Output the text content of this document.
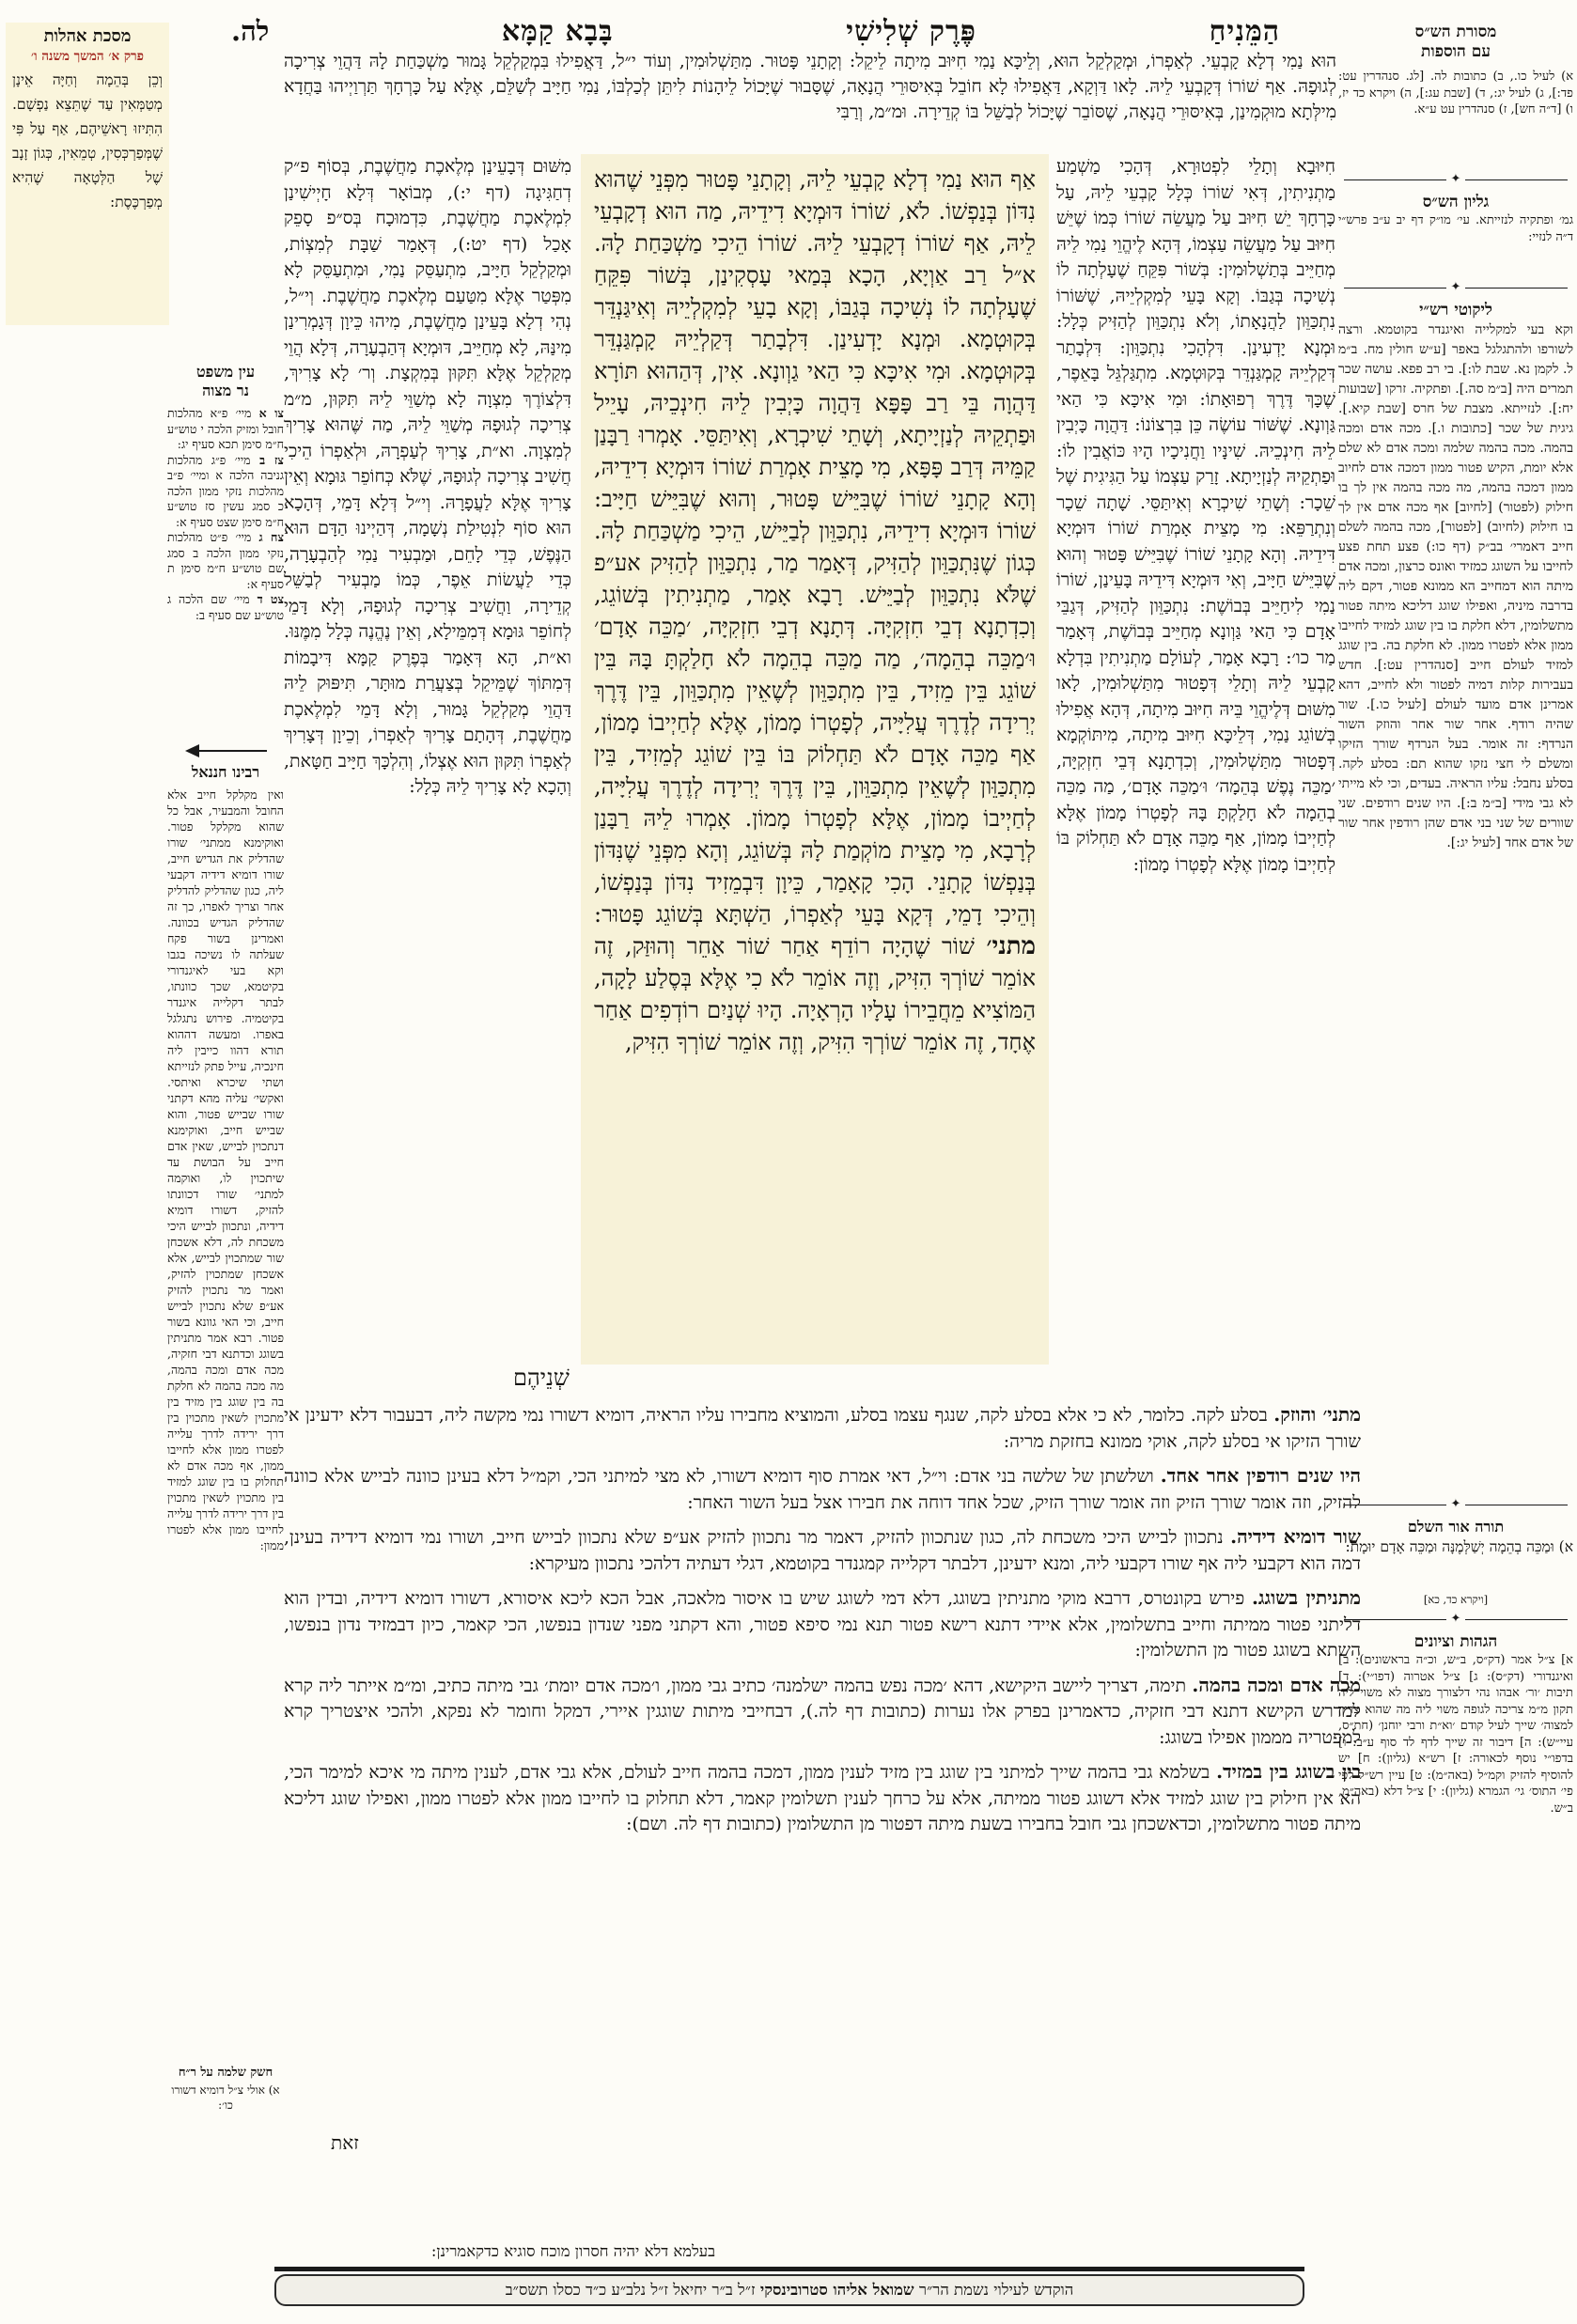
מסכת אהלות
פרק א׳ המשך משנה ו׳
וְכֵן בְּהֵמָה וְחַיָּה אֵינָן מְטַמְּאִין עַד שֶׁתֵּצֵא נַפְשָׁם. הִתִּיזוּ רָאשֵׁיהֶם, אַף עַל פִּי שֶׁמְּפַרְכְּסִין, טְמֵאִין, כְּגוֹן זָנָב שֶׁל הַלְּטָאָה שֶׁהִיא מְפַרְכֶּסֶת:
הַמֵּנִיחַ
פֶּרֶק שְׁלִישִׁי
בָּבָא קַמָּא
לה.
הוּא נַמִי דְלָא קָבְעֵי. לְאַפְרוֹ, וּמְקַלְקֵל הוּא, וְלֵיכָּא נַמִי חִיּוּב מִיתָה לֵיקֵל: וְקָתָנֵי פָּטוּר. מִתַּשְׁלוּמִין, וְעוֹד י״ל, דַּאֲפִילוּ בִּמְקַלְקֵל גָּמוּר מַשְׁכַּחַת לָהּ דַּהֲוֵי צְרִיכָה לְגוּפָהּ. אַף שׁוֹרוֹ דְּקָבְעֵי לֵיהּ. לָאו דַּוְקָא, דַּאֲפִילוּ לָא חוֹבֵל בְּאִיסּוּרֵי הֲנָאָה, שֶׁסָּבוּר שֶׁיָּכוֹל לֵיהָנוֹת לִיתֵּן לְכַלְבּוֹ, נַמִי חַיָּיב לְשַׁלֵּם, אֶלָּא עַל כָּרְחָךְ תַּרְוַיְיהוּ בַּחֲדָא מִילְּתָא מוּקְמִינַן, בְּאִיסּוּרֵי הֲנָאָה, שֶׁסּוֹבֵר שֶׁיָּכוֹל לְבַשֵּׁל בּוֹ קְדֵירָה. וּמ״מ, וְרַבִּי
מִשּׁוּם דְּבָעֵינַן מְלֶאכֶת מַחֲשֶׁבֶת, בְּסוֹף פ״ק דְחַגִּיגָה (דף י:), מְבוֹאָר דְּלָא חָיְישִׁינַן לִמְלֶאכֶת מַחֲשֶׁבֶת, כִּדְמוּכָח בְּס״פ סָפֵק אָכַל (דף יט:), דְּאָמַר שַׁבָּת לְמִצְוֹת, וּמְקַלְקֵל חַיָּיב, מִתְעַסֵּק נַמִי, וּמִתְעַסֵּק לָא מִפְּטַר אֶלָּא מִטַּעַם מְלֶאכֶת מַחֲשֶׁבֶת. וְי״ל, נְהִי דְלָא בָּעֵינַן מַחֲשֶׁבֶת, מִיהוּ כֵּיוָן דְּגָמְרִינַן מִינַּהּ, לָא מְחַיֵּיב, דּוּמְיָא דְּהַבְעָרָה, דְּלָא הֲוֵי מְקַלְקֵל אֶלָּא תִּקּוּן בְּמִקְצָת. וְר׳ לָא צָרִיךְ, דִּלְצוֹרֶךְ מִצְוָה לָא מְשַׁוֵּי לֵיהּ תִּקּוּן, מ״מ צְרִיכָה לְגוּפָהּ מְשַׁוֵּי לֵיהּ, מַה שֶּׁהוּא צָרִיךְ לְמִצְוָה. וא״ת, צָרִיךְ לְעַפְרָהּ, וּלְאַפְרוֹ הֵיכִי חֲשִׁיב צְרִיכָה לְגוּפָהּ, שֶׁלֹּא כְּחוֹפֵר גּוּמָא וְאֵין צָרִיךְ אֶלָּא לַעֲפָרָהּ. וְי״ל דְּלָא דָּמֵי, דְּהָכָא הוּא סוֹף לִנְטִילַת נְשָׁמָה, דְּהַיְינוּ הַדָּם הוּא הַנֶּפֶשׁ, כְּדֵי לָחֵם, וּמַבְעִיר נַמִי לְהַבְעָרָה, כְּדֵי לַעֲשׂוֹת אֵפֶר, כְּמוֹ מַבְעִיר לְבַשֵּׁל קְדֵירָה, וַחֲשִׁיב צְרִיכָה לְגוּפָהּ, וְלָא דָּמֵי לְחוֹפֵר גּוּמָא דְּמִמֵּילָא, וְאֵין נֶהֱנֶה כְּלָל מִמֶּנּוּ. וא״ת, הָא דְּאָמַר בְּפֶרֶק קַמָּא דִּיבָמוֹת דְּמִתּוֹךְ שֶׁמֵּיקֵל בְּצַעֲרַת מוּתָּר, תִּיפּוּק לֵיהּ דַּהֲוֵי מְקַלְקֵל גָּמוּר, וְלָא דָּמֵי לִמְלֶאכֶת מַחֲשֶׁבֶת, דְּהָתָם צָרִיךְ לְאַפְרוֹ, וְכֵיוָן דְּצָרִיךְ לְאַפְרוֹ תִּקּוּן הוּא אֶצְלוֹ, וְהִלְכָּךְ חַיָּיב חַטָּאת, וְהָכָא לָא צָרִיךְ לֵיהּ כְּלָל:
חִיּוּבָא וְתָלֵי לִפְטוּרָא, דְּהָכִי מַשְׁמַע מַתְנִיתִין, דְּאִי שׁוֹרוֹ כְּלָל קָבְעֵי לֵיהּ, עַל כָּרְחָךְ יֵשׁ חִיּוּב עַל מַעֲשֵׂה שׁוֹרוֹ כְּמוֹ שֶׁיֵּשׁ חִיּוּב עַל מַעֲשֵׂה עַצְמוֹ, דְּהָא לֶיהֱוֵי נַמִי לֵיהּ מְחַיֵּיב בְּתַשְׁלוּמִין: בְּשׁוֹר פִּקֵּחַ שֶׁעָלְתָה לוֹ נְשִׁיכָה בְּגַבּוֹ. וְקָא בָּעֵי לְמִקְלְיֵיהּ, שֶׁשּׁוֹרוֹ נִתְכַּוֵּון לַהֲנָאָתוֹ, וְלֹא נִתְכַּוֵּון לְהַזִּיק כְּלָל: וּמְנָא יָדְעִינַן. דִּלְהָכִי נִתְכַּוֵּון: דִּלְבָתַר דְּקַלְיֵיהּ קָמְגַּנְדֵּר בְּקוּטְמָא. מִתְגַּלְגֵּל בָּאֵפֶר, שֶׁכָּךְ דֶּרֶךְ רְפוּאָתוֹ: וּמִי אִיכָּא כִּי הַאי גַּוְונָא. שֶׁשּׁוֹר עוֹשֶׂה כֵּן בִּרְצוֹנוֹ: דַּהֲוָה כָּיְבִין לֵיהּ חִינְכֵיהּ. שִׁינָּיו וַחֲנִיכָיו הָיוּ כּוֹאֲבִין לוֹ: וּפַתְקֵיהּ לְנַזְיָיתָא. זָרַק עַצְמוֹ עַל הַגִּיגִית שֶׁל שֵׁכָר: וְשָׁתֵי שִׁיכְרָא וְאִיתַּסֵּי. שָׁתָה שֵׁכָר וְנִתְרַפֵּא: מִי מָצֵית אָמְרַת שׁוֹרוֹ דּוּמְיָא דִּידֵיהּ. וְהָא קָתָנֵי שׁוֹרוֹ שֶׁבִּיֵּישׁ פָּטוּר וְהוּא שֶׁבִּיֵּישׁ חַיָּיב, וְאִי דּוּמְיָא דִּידֵיהּ בָּעֵינַן, שׁוֹרוֹ נַמִי לִיחַיֵּיב בְּבוֹשֶׁת: נִתְכַּוֵּון לְהַזִּיק, דְּגַבֵּי אָדָם כִּי הַאי גַּוְונָא מְחַיֵּיב בְּבוֹשֶׁת, דְּאָמַר מַר כו׳: רָבָא אָמַר, לְעוֹלָם מַתְנִיתִין בִּדְלָא קָבְעֵי לֵיהּ וְתָלֵי דְּפָטוּר מִתַּשְׁלוּמִין, לָאו מִשּׁוּם דְּלֶיהֱוֵי בֵּיהּ חִיּוּב מִיתָה, דְּהָא אֲפִילוּ בְּשׁוֹגֵג נַמִי, דְּלֵיכָּא חִיּוּב מִיתָה, מִיתּוֹקְמָא דְּפָטוּר מִתַּשְׁלוּמִין, וְכִדְתָנָא דְּבֵי חִזְקִיָּה, ׳מַכֵּה נֶפֶשׁ בְּהֵמָה׳ וּ׳מַכֵּה אָדָם׳, מַה מַכֵּה בְהֵמָה לֹא חָלַקְתָּ בָּהּ לְפָטְרוֹ מָמוֹן אֶלָּא לְחַיְיבוֹ מָמוֹן, אַף מַכֵּה אָדָם לֹא תַּחְלוֹק בּוֹ לְחַיְיבוֹ מָמוֹן אֶלָּא לְפָטְרוֹ מָמוֹן:
אַף הוּא נַמִי דְלָא קָבְעֵי לֵיהּ, וְקָתָנֵי פָּטוּר מִפְּנֵי שֶׁהוּא נִדּוֹן בְּנַפְשׁוֹ. לֹא, שׁוֹרוֹ דּוּמְיָא דִידֵיהּ, מַה הוּא דְקָבְעֵי לֵיהּ, אַף שׁוֹרוֹ דְקָבְעֵי לֵיהּ. שׁוֹרוֹ הֵיכִי מַשְׁכַּחַת לָהּ. א״ל רַב אַוְיָא, הָכָא בְּמַאי עָסְקִינַן, בְּשׁוֹר פִּקֵּחַ שֶׁעָלְתָה לוֹ נְשִׁיכָה בְּגַבּוֹ, וְקָא בָעֵי לְמִקְלְיֵיהּ וְאִיגַּנְדֵּר בְּקוּטְמָא. וּמְנָא יָדְעִינַן. דִּלְבָתַר דְּקַלְיֵיהּ קָמְגַּנְדֵּר בְּקוּטְמָא. וּמִי אִיכָּא כִּי הַאי גַוְונָא. אִין, דְּהַהוּא תּוֹרָא דַּהֲוָה בֵּי רַב פָּפָּא דַּהֲוָה כָּיְבִין לֵיהּ חִינְכֵיהּ, עָיֵיל וּפַתְקֵיהּ לְנַזְיָיתָא, וְשָׁתֵי שִׁיכְרָא, וְאִיתַּסֵּי. אָמְרוּ רַבָּנַן קַמֵּיהּ דְּרַב פָּפָּא, מִי מָצֵית אָמְרַת שׁוֹרוֹ דּוּמְיָא דִידֵיהּ, וְהָא קָתָנֵי שׁוֹרוֹ שֶׁבִּיֵּישׁ פָּטוּר, וְהוּא שֶׁבִּיֵּישׁ חַיָּיב: שׁוֹרוֹ דּוּמְיָא דִידֵיהּ, נִתְכַּוֵּון לְבַיֵּישׁ, הֵיכִי מַשְׁכַּחַת לָהּ. כְּגוֹן שֶׁנִּתְכַּוֵּון לְהַזִּיק, דְּאָמַר מַר, נִתְכַּוֵּון לְהַזִּיק אע״פ שֶׁלֹּא נִתְכַּוֵּון לְבַיֵּישׁ. רָבָא אָמַר, מַתְנִיתִין בְּשׁוֹגֵג, וְכִדְתָנָא דְבֵי חִזְקִיָּה. דְּתָנָא דְבֵי חִזְקִיָּה, ׳מַכֵּה אָדָם׳ וּ׳מַכֵּה בְהֵמָה׳, מַה מַכֵּה בְהֵמָה לֹא חָלַקְתָּ בָּהּ בֵּין שׁוֹגֵג בֵּין מֵזִיד, בֵּין מִתְכַּוֵּון לְשֶׁאֵין מִתְכַּוֵּון, בֵּין דֶּרֶךְ יְרִידָה לְדֶרֶךְ עֲלִיָּיה, לְפָטְרוֹ מָמוֹן, אֶלָּא לְחַיְיבוֹ מָמוֹן, אַף מַכֵּה אָדָם לֹא תַּחְלוֹק בּוֹ בֵּין שׁוֹגֵג לְמֵזִיד, בֵּין מִתְכַּוֵּון לְשֶׁאֵין מִתְכַּוֵּון, בֵּין דֶּרֶךְ יְרִידָה לְדֶרֶךְ עֲלִיָּיה, לְחַיְיבוֹ מָמוֹן, אֶלָּא לְפָטְרוֹ מָמוֹן. אָמְרוּ לֵיהּ רַבָּנַן לְרָבָא, מִי מָצֵית מוֹקְמַת לָהּ בְּשׁוֹגֵג, וְהָא מִפְּנֵי שֶׁנִּדּוֹן בְּנַפְשׁוֹ קָתָנֵי. הָכִי קָאָמַר, כֵּיוָן דִּבְמֵזִיד נִדּוֹן בְּנַפְשׁוֹ, וְהֵיכִי דָמֵי, דְּקָא בָּעֵי לְאַפְרוֹ, הַשְׁתָּא בְּשׁוֹגֵג פָּטוּר: מתני׳ שׁוֹר שֶׁהָיָה רוֹדֵף אַחַר שׁוֹר אַחֵר וְהוּזַּק, זֶה אוֹמֵר שׁוֹרְךָ הִזִּיק, וְזֶה אוֹמֵר לֹא כִי אֶלָּא בְּסֶלַע לָקָה, הַמּוֹצִיא מֵחֲבֵירוֹ עָלָיו הָרְאָיָה. הָיוּ שְׁנַיִם רוֹדְפִים אַחַר אֶחָד, זֶה אוֹמֵר שׁוֹרְךָ הִזִּיק, וְזֶה אוֹמֵר שׁוֹרְךָ הִזִּיק,
שְׁנֵיהֶם

מתני׳ והוזק. בסלע לקה. כלומר, לא כי אלא בסלע לקה, שנגף עצמו בסלע, והמוציא מחבירו עליו הראיה, דומיא דשורו נמי מקשה ליה, דבעבור דלא ידעינן אי שורך הזיקו אי בסלע לקה, אוקי ממונא בחזקת מריה:

היו שנים רודפין אחר אחד. ושלשתן של שלשה בני אדם: וי״ל, דאי אמרת סוף דומיא דשורו, לא מצי למיתני הכי, וקמ״ל דלא בעינן כוונה לבייש אלא כוונה להזיק, וזה אומר שורך הזיק וזה אומר שורך הזיק, שכל אחד דוחה את חבירו אצל בעל השור האחר:

שור דומיא דידיה. נתכוון לבייש היכי משכחת לה, כגון שנתכוון להזיק, דאמר מר נתכוון להזיק אע״פ שלא נתכוון לבייש חייב, ושורו נמי דומיא דידיה בעינן, דמה הוא דקבעי ליה אף שורו דקבעי ליה, ומנא ידעינן, דלבתר דקלייה קמגנדר בקוטמא, דגלי דעתיה דלהכי נתכוון מעיקרא:

מתניתין בשוגג. פירש בקונטרס, דרבא מוקי מתניתין בשוגג, דלא דמי לשוגג שיש בו איסור מלאכה, אבל הכא ליכא איסורא, דשורו דומיא דידיה, ובדין הוא דליתני פטור ממיתה וחייב בתשלומין, אלא איידי דתנא רישא פטור תנא נמי סיפא פטור, והא דקתני מפני שנדון בנפשו, הכי קאמר, כיון דבמזיד נדון בנפשו, השתא בשוגג פטור מן התשלומין:

מכה אדם ומכה בהמה. תימה, דצריך ליישב היקישא, דהא ׳מכה נפש בהמה ישלמנה׳ כתיב גבי ממון, ו׳מכה אדם יומת׳ גבי מיתה כתיב, ומ״מ אייתר ליה קרא למדרש הקישא דתנא דבי חזקיה, כדאמרינן בפרק אלו נערות (כתובות דף לה.), דבחייבי מיתות שוגגין איירי, דמקל וחומר לא נפקא, ולהכי איצטריך קרא למפטריה מממון אפילו בשוגג:

בין בשוגג בין במזיד. בשלמא גבי בהמה שייך למיתני בין שוגג בין מזיד לענין ממון, דמכה בהמה חייב לעולם, אלא גבי אדם, לענין מיתה מי איכא למימר הכי, הא אין חילוק בין שוגג למזיד אלא דשוגג פטור ממיתה, אלא על כרחך לענין תשלומין קאמר, דלא תחלוק בו לחייבו ממון אלא לפטרו ממון, ואפילו שוגג דליכא מיתה פטור מתשלומין, וכדאשכחן גבי חובל בחבירו בשעת מיתה דפטור מן התשלומין (כתובות דף לה. ושם):

בעלמא דלא יהיה חסרון מוכח סוגיא כדקאמרינן:
זאת
מסורת הש״ס
עם הוספות
א) לעיל כו., ב) כתובות לה. [לג. סנהדרין עט: פד:], ג) לעיל יג:, ד) [שבת עג:], ה) ויקרא כד יז, ו) [ד״ה חש], ז) סנהדרין עט ע״א.
✦
גליון הש״ס
גמ׳ ופתקיה לנזייתא. עי׳ מו״ק דף יב ע״ב פרש״י ד״ה לנזיי:
✦
ליקוטי רש״י
וקא בעי למקלייה ואיגנדר בקוטמא. ורצה לשורפו ולהתגלגל באפר [ע״ש חולין מח. ב״מ ל. לקמן נא. שבת לו:]. בי רב פפא. עושה שכר תמרים היה [ב״מ סה.]. ופתקיה. זרקו [שבועות יח:]. לנזייתא. מצבת של חרס [שבת קיא.]. גיגית של שכר [כתובות ו.]. מכה אדם ומכה בהמה. מכה בהמה שלמה ומכה אדם לא שלם אלא יומת, הקיש פטור ממון דמכה אדם לחיוב ממון דמכה בהמה, מה מכה בהמה אין לך בו חילוק (לפטור) [לחיוב] אף מכה אדם אין לך בו חילוק (לחיוב) [לפטור], מכה בהמה לשלם חייב דאמרי׳ בב״ק (דף כו:) פצע תחת פצע לחייבו על השוגג כמזיד ואונס כרצון, ומכה אדם מיתה הוא דמחייב הא ממונא פטור, דקם ליה בדרבה מיניה, ואפילו שוגג דליכא מיתה פטור מתשלומין, דלא חלקת בו בין שוגג למזיד לחייבו ממון אלא לפטרו ממון. לא חלקת בה. בין שוגג למזיד לעולם חייב [סנהדרין עט:]. חדש בעבירות קלות דמיה לפטור ולא לחייב, דהא אמרינן אדם מועד לעולם [לעיל כו.]. שור שהיה רודף. אחר שור אחר והוזק השור הנרדף: זה אומר. בעל הנרדף שורך הזיקו ומשלם לי חצי נזקו שהוא תם: בסלע לקה. בסלע נחבל: עליו הראיה. בעדים, וכי לא מייתי לא גבי מידי [ב״מ ב:]. היו שנים רודפים. שני שוורים של שני בני אדם שהן רודפין אחר שור של אדם אחד [לעיל יג:].
✦
תורה אור השלם
א) וּמַכֵּה בְהֵמָה יְשַׁלְּמֶנָּה וּמַכֵּה אָדָם יוּמָת:
[ויקרא כד, כא]
✦
הגהות וציונים
א] צ״ל אמר (דק״ס, ב״ש, וכ״ה בראשונים): ב] ואיגנדורי (דק״ס): ג] צ״ל אטרוה (דפו״י): ד] תיבות ׳ור׳ אבהו נהי דלצורך מצוה לא משוי ליה תקון מ״מ צריכה לגופה משוי ליה מה שהוא צריך למצוה׳ שייך לעיל קודם ׳וא״ת ורבי יוחנן׳ (חת״ס, עיי״ש): ה] דיבור זה שייך לדף לד סוף ע״ב: ו] בדפו״י נוסף לכאורה: ז] רש״א (גליון): ח] יש להוסיף להזיק וקמ״ל (באה״מ): ט] עיין רש״ל לפי פי׳ התוס׳ גי׳ הגמרא (גליון): י] צ״ל דלא (באה״מ, ב״ש.
עין משפט
נר מצוה
צו א מיי׳ פ״א מהלכות חובל ומזיק הלכה י טוש״ע ח״מ סימן תכא סעיף יג:
צז ב מיי׳ פ״ג מהלכות גניבה הלכה א ומיי׳ פ״ב מהלכות נזקי ממון הלכה כ סמג עשין סז טוש״ע ח״מ סימן שצט סעיף א:
צח ג מיי׳ פ״ט מהלכות נזקי ממון הלכה ב סמג שם טוש״ע ח״מ סימן ת סעיף א:
צט ד מיי׳ שם הלכה ג טוש״ע שם סעיף ב:
רבינו חננאל
ואין מקלקל חייב אלא החובל והמבעיר, אבל כל שהוא מקלקל פטור. ואוקימנא ממתני׳ שורו שהדליק את הגדיש חייב, שורו דומיא דידיה דקבעי ליה, כגון שהדליק להדליק אחר וצריך לאפרו, כך זה שהדליק הגדיש בכוונה. ואמרינן בשור פקח שעלתה לו נשיכה בגבו וקא בעי לאיגנדורי בקיטמא, שכך כוונתו, לבתר דקלייה איגנדר בקיטמיה. פירוש נתגלגל באפרו. ומעשה דההוא תורא דהוו כייבין ליה חינכיה, עייל פתק לנזייתא ושתי שיכרא ואיתסי. ואקשי׳ עליה מהא דקתני שורו שבייש פטור, והוא שבייש חייב, ואוקימנא דנתכוין לבייש, שאין אדם חייב על הבושת עד שיתכוין לו, ואוקמה למתני׳ שורו דכוונתו להזיק, דשורו דומיא דידיה, ונתכוון לבייש היכי משכחת לה, דלא אשכחן שור שמתכוין לבייש, אלא אשכחן שמתכוין להזיק, ואמר מר נתכוין להזיק אע״פ שלא נתכוין לבייש חייב, וכי האי גוונא בשור פטור. רבא אמר מתניתין בשוגג וכדתנא דבי חזקיה, מכה אדם ומכה בהמה, מה מכה בהמה לא חלקת בה בין שוגג בין מזיד בין מתכוין לשאין מתכוין בין דרך ירידה לדרך עלייה לפטרו ממון אלא לחייבו ממון, אף מכה אדם לא תחלוק בו בין שוגג למזיד בין מתכוין לשאין מתכוין בין דרך ירידה לדרך עלייה לחייבו ממון אלא לפטרו ממון:
חשק שלמה על ר״ח
א) אולי צ״ל דומיא דשורו כו׳:
הוקדש לעילוי נשמת הר״ר שמואל אליהו סטרובינסקי ז״ל ב״ר יחיאל ז״ל נלב״ע כ״ד כסלו תשס״ב
